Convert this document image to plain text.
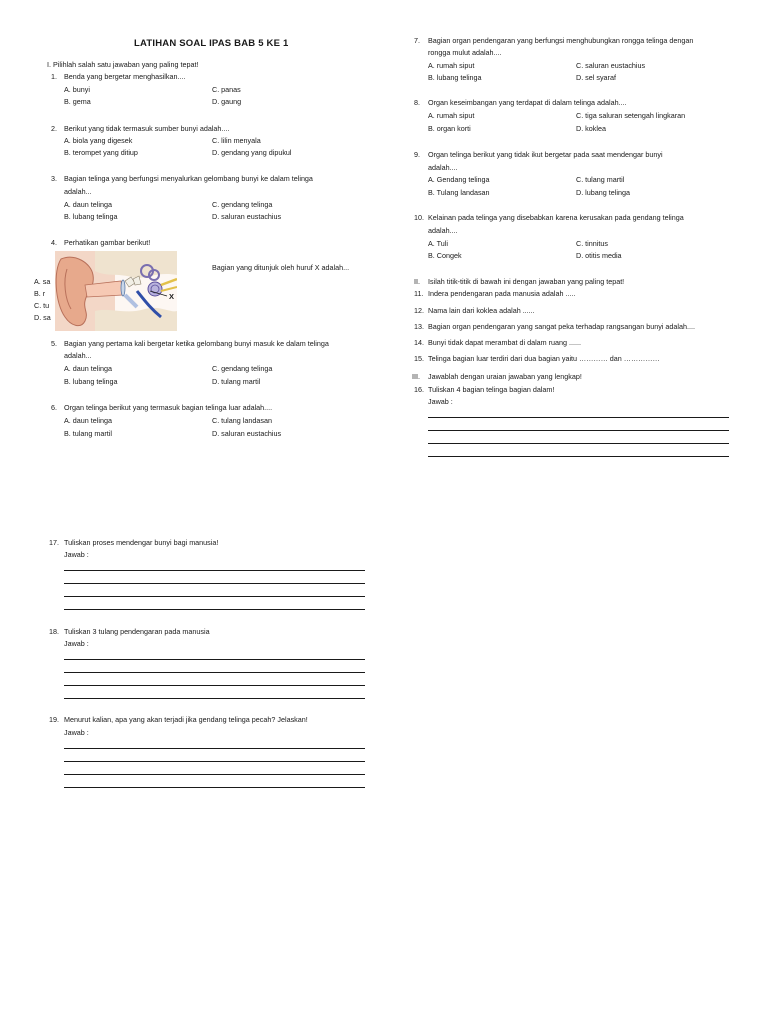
LATIHAN SOAL IPAS BAB 5 KE 1
I. Pilihlah salah satu jawaban yang paling tepat!
1. Benda yang bergetar menghasilkan....
A. bunyi
B. gema
C. panas
D. gaung
2. Berikut yang tidak termasuk sumber bunyi adalah....
A. biola yang digesek
B. terompet yang ditiup
C. lilin menyala
D. gendang yang dipukul
3. Bagian telinga yang berfungsi menyalurkan gelombang bunyi ke dalam telinga
adalah...
A. daun telinga
B. lubang telinga
C. gendang telinga
D. saluran eustachius
4. Perhatikan gambar berikut!
Bagian yang ditunjuk oleh huruf X adalah...
A. sa
B. r
C. tu
D. sa
X
5. Bagian yang pertama kali bergetar ketika gelombang bunyi masuk ke dalam telinga
adalah...
A. daun telinga
B. lubang telinga
C. gendang telinga
D. tulang martil
6. Organ telinga berikut yang termasuk bagian telinga luar adalah....
A. daun telinga
B. tulang martil
C. tulang landasan
D. saluran eustachius
7. Bagian organ pendengaran yang berfungsi menghubungkan rongga telinga dengan
rongga mulut adalah....
A. rumah siput
B. lubang telinga
C. saluran eustachius
D. sel syaraf
8. Organ keseimbangan yang terdapat di dalam telinga adalah....
A. rumah siput
B. organ korti
C. tiga saluran setengah lingkaran
D. koklea
9. Organ telinga berikut yang tidak ikut bergetar pada saat mendengar bunyi
adalah....
A. Gendang telinga
B. Tulang landasan
C. tulang martil
D. lubang telinga
10. Kelainan pada telinga yang disebabkan karena kerusakan pada gendang telinga
adalah....
A. Tuli
B. Congek
C. tinnitus
D. otitis media
II. Isilah titik-titik di bawah ini dengan jawaban yang paling tepat!
11. Indera pendengaran pada manusia adalah .....
12. Nama lain dari koklea adalah ......
13. Bagian organ pendengaran yang sangat peka terhadap rangsangan bunyi adalah....
14. Bunyi tidak dapat merambat di dalam ruang ......
15. Telinga bagian luar terdiri dari dua bagian yaitu ………… dan ……………
III. Jawablah dengan uraian jawaban yang lengkap!
16. Tuliskan 4 bagian telinga bagian dalam!
Jawab :
17. Tuliskan proses mendengar bunyi bagi manusia!
Jawab :
18. Tuliskan 3 tulang pendengaran pada manusia
Jawab :
19. Menurut kalian, apa yang akan terjadi jika gendang telinga pecah? Jelaskan!
Jawab :
